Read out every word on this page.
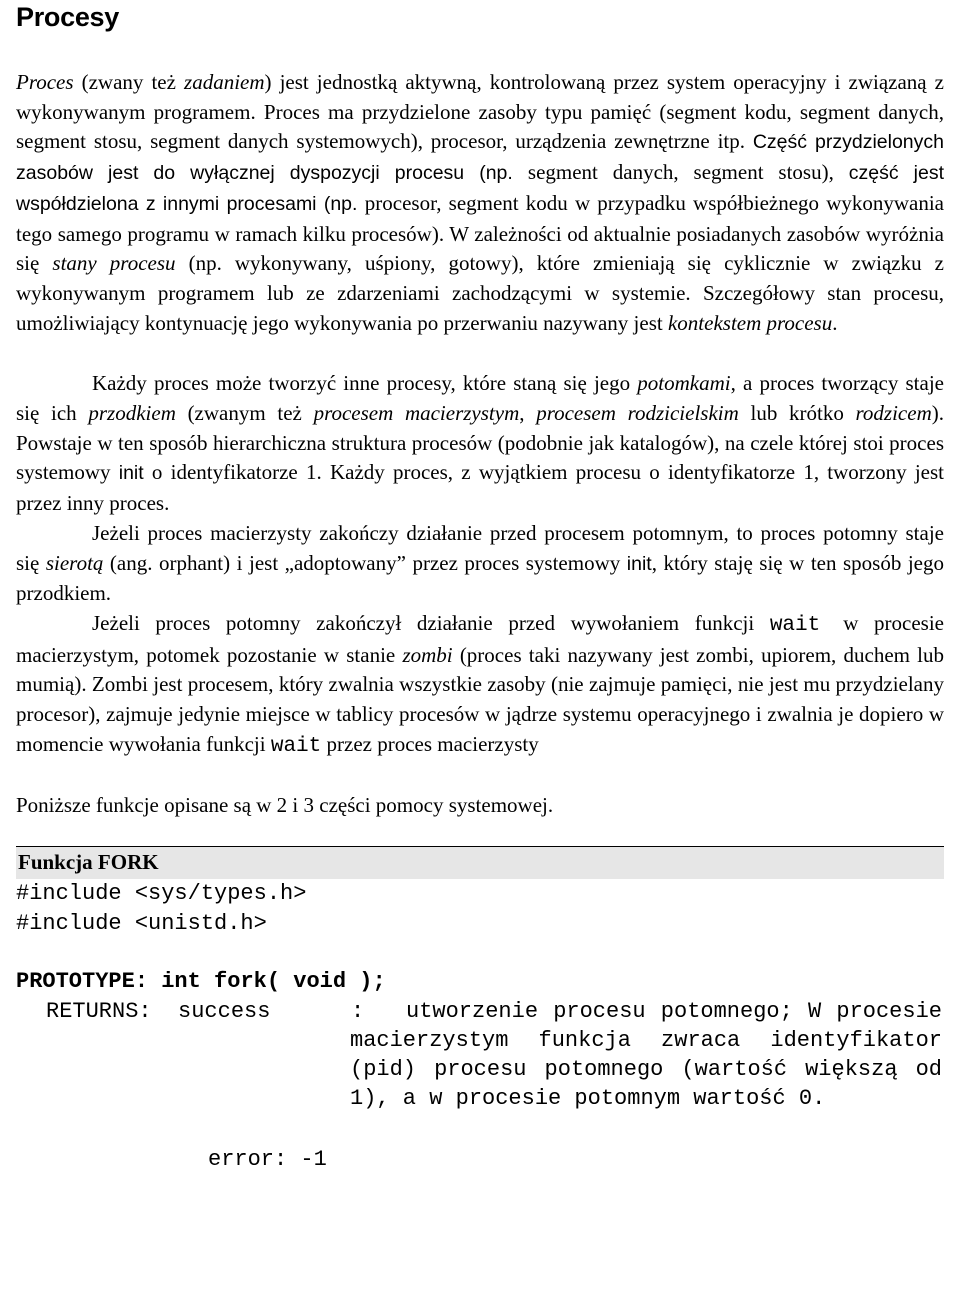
Procesy

Proces (zwany też zadaniem) jest jednostką aktywną, kontrolowaną przez system operacyjny i związaną z wykonywanym programem. Proces ma przydzielone zasoby typu pamięć (segment kodu, segment danych, segment stosu, segment danych systemowych), procesor, urządzenia zewnętrzne itp. Część przydzielonych zasobów jest do wyłącznej dyspozycji procesu (np. segment danych, segment stosu), część jest współdzielona z innymi procesami (np. procesor, segment kodu w przypadku współbieżnego wykonywania tego samego programu w ramach kilku procesów). W zależności od aktualnie posiadanych zasobów wyróżnia się stany procesu (np. wykonywany, uśpiony, gotowy), które zmieniają się cyklicznie w związku z wykonywanym programem lub ze zdarzeniami zachodzącymi w systemie. Szczegółowy stan procesu, umożliwiający kontynuację jego wykonywania po przerwaniu nazywany jest kontekstem procesu.

Każdy proces może tworzyć inne procesy, które staną się jego potomkami, a proces tworzący staje się ich przodkiem (zwanym też procesem macierzystym, procesem rodzicielskim lub krótko rodzicem). Powstaje w ten sposób hierarchiczna struktura procesów (podobnie jak katalogów), na czele której stoi proces systemowy init o identyfikatorze 1. Każdy proces, z wyjątkiem procesu o identyfikatorze 1, tworzony jest przez inny proces.

Jeżeli proces macierzysty zakończy działanie przed procesem potomnym, to proces potomny staje się sierotą (ang. orphant) i jest „adoptowany” przez proces systemowy init, który staję się w ten sposób jego przodkiem.

Jeżeli proces potomny zakończył działanie przed wywołaniem funkcji wait w procesie macierzystym, potomek pozostanie w stanie zombi (proces taki nazywany jest zombi, upiorem, duchem lub mumią). Zombi jest procesem, który zwalnia wszystkie zasoby (nie zajmuje pamięci, nie jest mu przydzielany procesor), zajmuje jedynie miejsce w tablicy procesów w jądrze systemu operacyjnego i zwalnia je dopiero w momencie wywołania funkcji wait przez proces macierzysty

Poniższe funkcje opisane są w 2 i 3 części pomocy systemowej.

Funkcja FORK
#include <sys/types.h>
#include <unistd.h>
PROTOTYPE: int fork( void );

RETURNS: success

	:

	utworzenie procesu potomnego; W procesie macierzystym funkcja zwraca identyfikator (pid) procesu potomnego (wartość większą od 1), a w procesie potomnym wartość 0.

error: -1
